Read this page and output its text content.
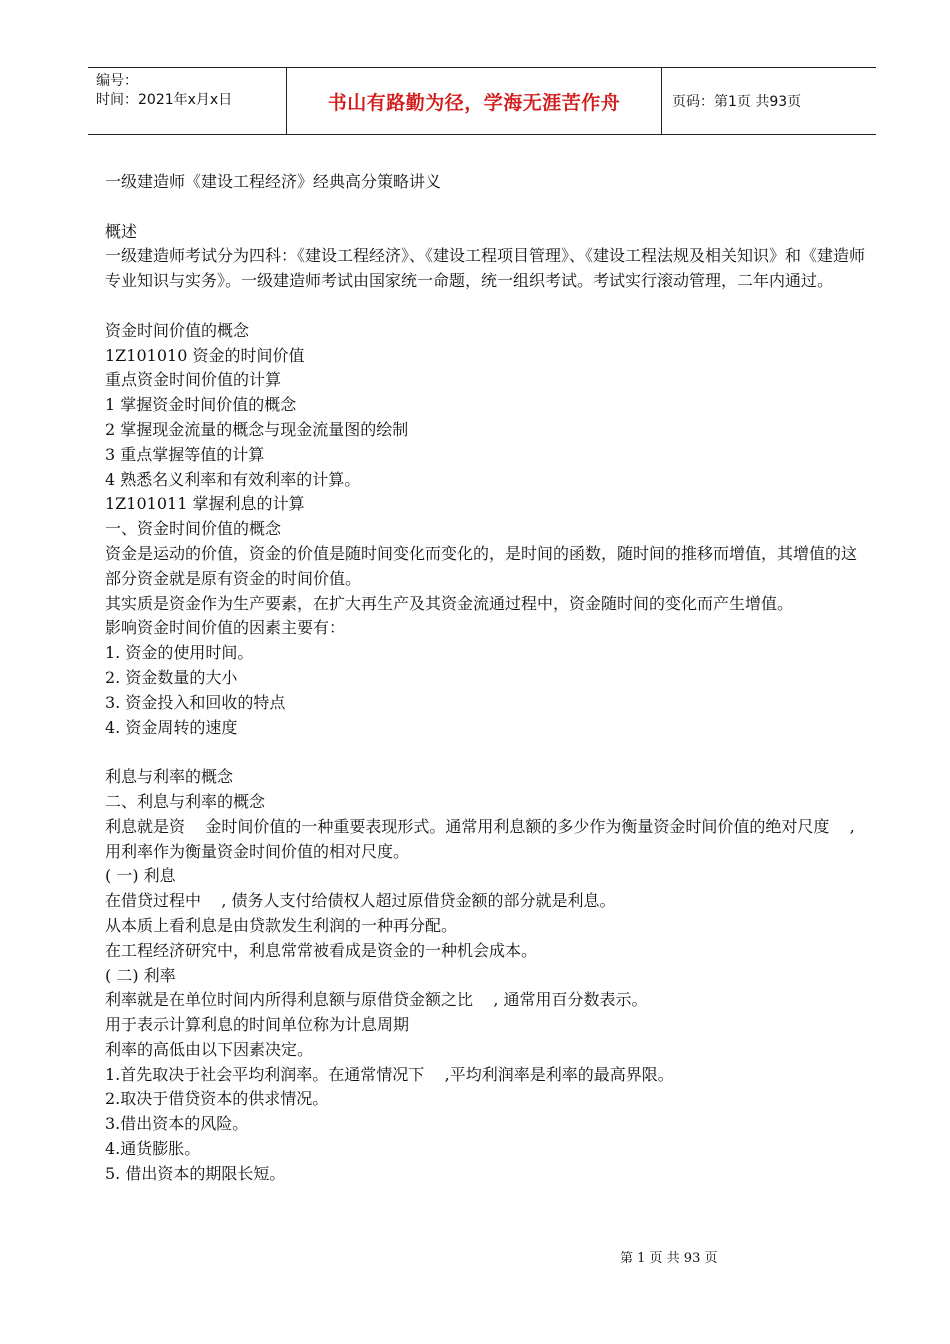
编号：
时间：2021年x月x日	书山有路勤为径，学海无涯苦作舟	页码：第1页 共93页

一级建造师《建设工程经济》经典高分策略讲义

概述

一级建造师考试分为四科：《建设工程经济》、《建设工程项目管理》、《建设工程法规及相关知识》和《建造师专业知识与实务》。一级建造师考试由国家统一命题，统一组织考试。考试实行滚动管理，二年内通过。

资金时间价值的概念

1Z101010 资金的时间价值

重点资金时间价值的计算

1 掌握资金时间价值的概念

2 掌握现金流量的概念与现金流量图的绘制

3 重点掌握等值的计算

4 熟悉名义利率和有效利率的计算。

1Z101011 掌握利息的计算

一、资金时间价值的概念

资金是运动的价值，资金的价值是随时间变化而变化的，是时间的函数，随时间的推移而增值，其增值的这部分资金就是原有资金的时间价值。

其实质是资金作为生产要素，在扩大再生产及其资金流通过程中，资金随时间的变化而产生增值。

影响资金时间价值的因素主要有：

1. 资金的使用时间。

2. 资金数量的大小

3. 资金投入和回收的特点

4. 资金周转的速度

利息与利率的概念

二、利息与利率的概念

利息就是资    金时间价值的一种重要表现形式。通常用利息额的多少作为衡量资金时间价值的绝对尺度    , 用利率作为衡量资金时间价值的相对尺度。

( 一) 利息

在借贷过程中    , 债务人支付给债权人超过原借贷金额的部分就是利息。

从本质上看利息是由贷款发生利润的一种再分配。

在工程经济研究中，利息常常被看成是资金的一种机会成本。

( 二) 利率

利率就是在单位时间内所得利息额与原借贷金额之比    , 通常用百分数表示。

用于表示计算利息的时间单位称为计息周期

利率的高低由以下因素决定。

1.首先取决于社会平均利润率。在通常情况下    ,平均利润率是利率的最高界限。

2.取决于借贷资本的供求情况。

3.借出资本的风险。

4.通货膨胀。

5. 借出资本的期限长短。

第 1 页 共 93 页
